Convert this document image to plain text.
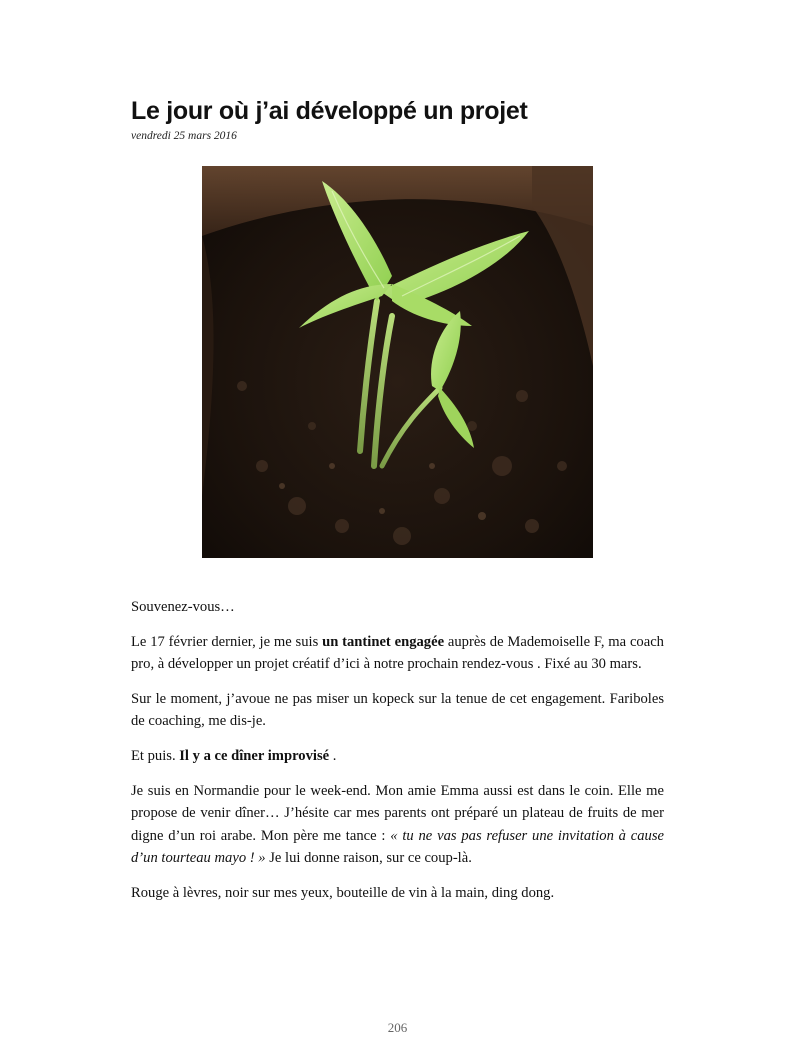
Le jour où j’ai développé un projet
vendredi 25 mars 2016

Souvenez-vous…

Le 17 février dernier, je me suis un tantinet engagée auprès de Mademoiselle F, ma coach pro, à développer un projet créatif d’ici à notre prochain rendez-vous . Fixé au 30 mars.

Sur le moment, j’avoue ne pas miser un kopeck sur la tenue de cet engagement. Fariboles de coaching, me dis-je.

Et puis. Il y a ce dîner improvisé .

Je suis en Normandie pour le week-end. Mon amie Emma aussi est dans le coin. Elle me propose de venir dîner… J’hésite car mes parents ont préparé un plateau de fruits de mer digne d’un roi arabe. Mon père me tance : « tu ne vas pas refuser une invitation à cause d’un tourteau mayo ! » Je lui donne raison, sur ce coup-là.

Rouge à lèvres, noir sur mes yeux, bouteille de vin à la main, ding dong.

206
